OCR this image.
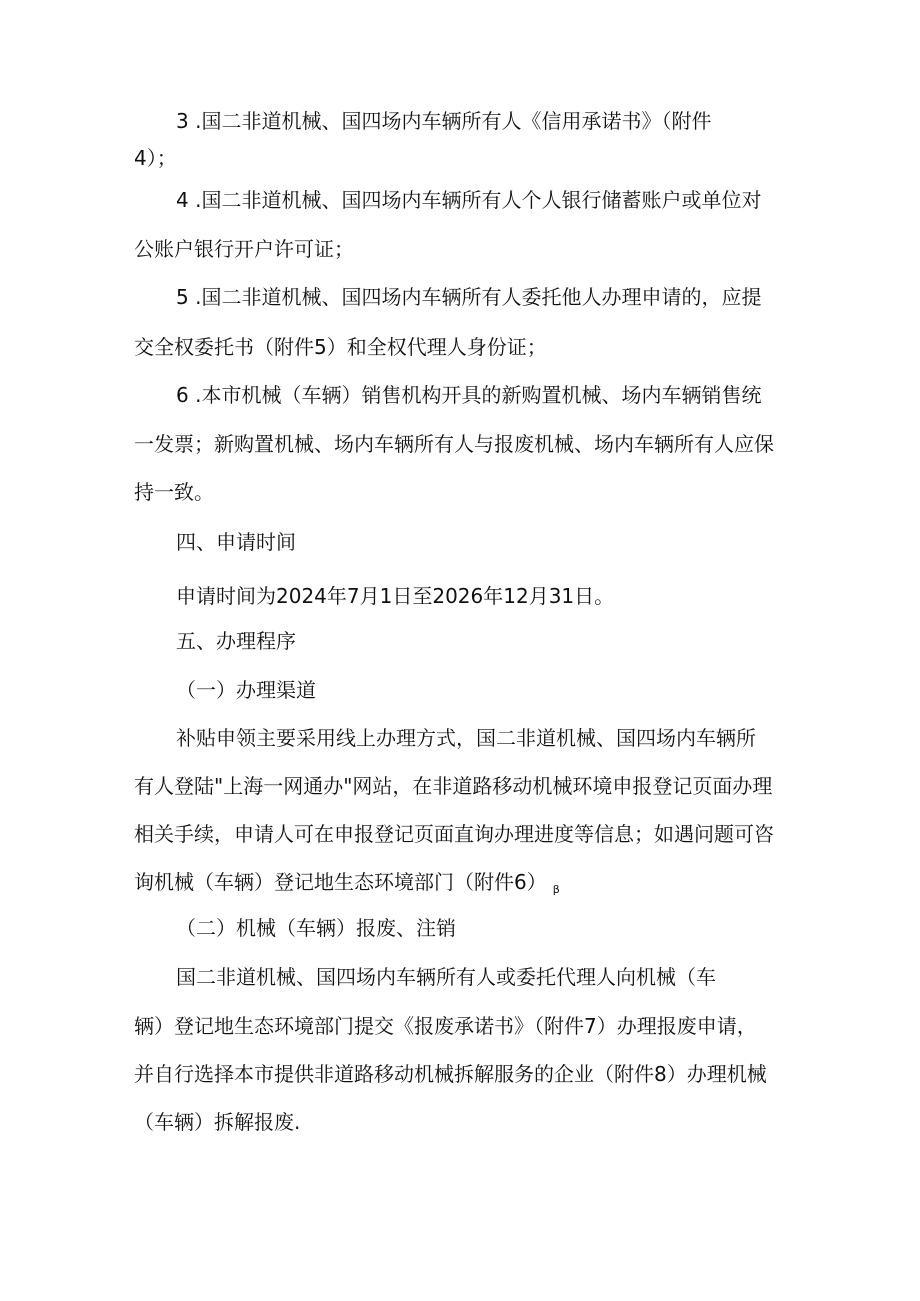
3 .国二非道机械、国四场内车辆所有人《信用承诺书》（附件
4）；
4 .国二非道机械、国四场内车辆所有人个人银行储蓄账户或单位对
公账户银行开户许可证；
5 .国二非道机械、国四场内车辆所有人委托他人办理申请的，应提
交全权委托书（附件5）和全权代理人身份证；
6 .本市机械（车辆）销售机构开具的新购置机械、场内车辆销售统
一发票；新购置机械、场内车辆所有人与报废机械、场内车辆所有人应保
持一致。
四、申请时间
申请时间为2024年7月1日至2026年12月31日。
五、办理程序
（一）办理渠道
补贴申领主要采用线上办理方式，国二非道机械、国四场内车辆所
有人登陆"上海一网通办"网站，在非道路移动机械环境申报登记页面办理
相关手续，申请人可在申报登记页面直询办理进度等信息；如遇问题可咨
询机械（车辆）登记地生态环境部门（附件6） $_\beta$
（二）机械（车辆）报废、注销
国二非道机械、国四场内车辆所有人或委托代理人向机械（车
辆）登记地生态环境部门提交《报废承诺书》（附件7）办理报废申请，
并自行选择本市提供非道路移动机械拆解服务的企业（附件8）办理机械
（车辆）拆解报废.
